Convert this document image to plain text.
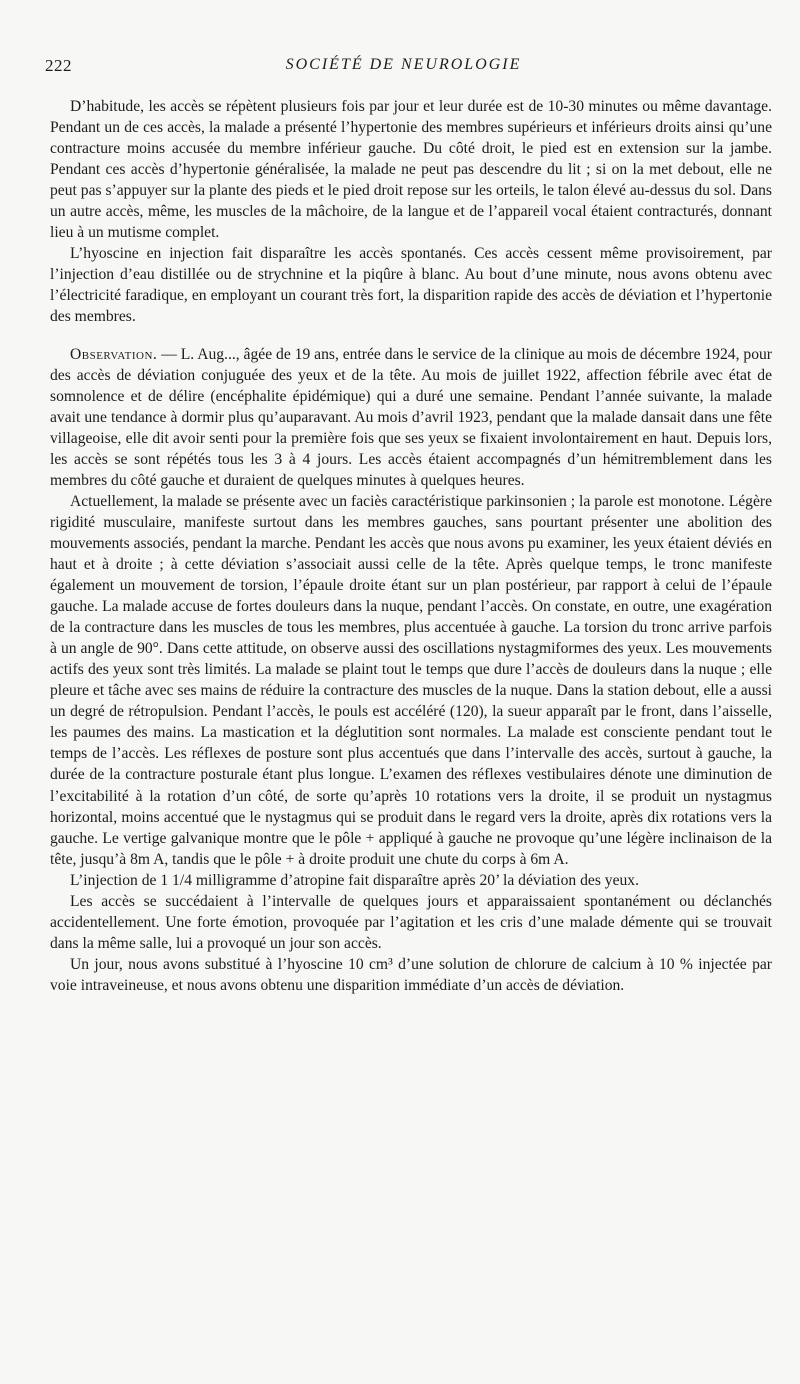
222	SOCIÉTÉ DE NEUROLOGIE

D’habitude, les accès se répètent plusieurs fois par jour et leur durée est de 10-30 minutes ou même davantage. Pendant un de ces accès, la malade a présenté l’hypertonie des membres supérieurs et inférieurs droits ainsi qu’une contracture moins accusée du membre inférieur gauche. Du côté droit, le pied est en extension sur la jambe. Pendant ces accès d’hypertonie généralisée, la malade ne peut pas descendre du lit ; si on la met debout, elle ne peut pas s’appuyer sur la plante des pieds et le pied droit repose sur les orteils, le talon élevé au-dessus du sol. Dans un autre accès, même, les muscles de la mâchoire, de la langue et de l’appareil vocal étaient contracturés, donnant lieu à un mutisme complet.

L’hyoscine en injection fait disparaître les accès spontanés. Ces accès cessent même provisoirement, par l’injection d’eau distillée ou de strychnine et la piqûre à blanc. Au bout d’une minute, nous avons obtenu avec l’électricité faradique, en employant un courant très fort, la disparition rapide des accès de déviation et l’hypertonie des membres.

Observation. — L. Aug..., âgée de 19 ans, entrée dans le service de la clinique au mois de décembre 1924, pour des accès de déviation conjuguée des yeux et de la tête. Au mois de juillet 1922, affection fébrile avec état de somnolence et de délire (encéphalite épidémique) qui a duré une semaine. Pendant l’année suivante, la malade avait une tendance à dormir plus qu’auparavant. Au mois d’avril 1923, pendant que la malade dansait dans une fête villageoise, elle dit avoir senti pour la première fois que ses yeux se fixaient involontairement en haut. Depuis lors, les accès se sont répétés tous les 3 à 4 jours. Les accès étaient accompagnés d’un hémitremblement dans les membres du côté gauche et duraient de quelques minutes à quelques heures.

Actuellement, la malade se présente avec un faciès caractéristique parkinsonien ; la parole est monotone. Légère rigidité musculaire, manifeste surtout dans les membres gauches, sans pourtant présenter une abolition des mouvements associés, pendant la marche. Pendant les accès que nous avons pu examiner, les yeux étaient déviés en haut et à droite ; à cette déviation s’associait aussi celle de la tête. Après quelque temps, le tronc manifeste également un mouvement de torsion, l’épaule droite étant sur un plan postérieur, par rapport à celui de l’épaule gauche. La malade accuse de fortes douleurs dans la nuque, pendant l’accès. On constate, en outre, une exagération de la contracture dans les muscles de tous les membres, plus accentuée à gauche. La torsion du tronc arrive parfois à un angle de 90°. Dans cette attitude, on observe aussi des oscillations nystagmiformes des yeux. Les mouvements actifs des yeux sont très limités. La malade se plaint tout le temps que dure l’accès de douleurs dans la nuque ; elle pleure et tâche avec ses mains de réduire la contracture des muscles de la nuque. Dans la station debout, elle a aussi un degré de rétropulsion. Pendant l’accès, le pouls est accéléré (120), la sueur apparaît par le front, dans l’aisselle, les paumes des mains. La mastication et la déglutition sont normales. La malade est consciente pendant tout le temps de l’accès. Les réflexes de posture sont plus accentués que dans l’intervalle des accès, surtout à gauche, la durée de la contracture posturale étant plus longue. L’examen des réflexes vestibulaires dénote une diminution de l’excitabilité à la rotation d’un côté, de sorte qu’après 10 rotations vers la droite, il se produit un nystagmus horizontal, moins accentué que le nystagmus qui se produit dans le regard vers la droite, après dix rotations vers la gauche. Le vertige galvanique montre que le pôle + appliqué à gauche ne provoque qu’une légère inclinaison de la tête, jusqu’à 8m A, tandis que le pôle + à droite produit une chute du corps à 6m A.

L’injection de 1 1/4 milligramme d’atropine fait disparaître après 20’ la déviation des yeux.

Les accès se succédaient à l’intervalle de quelques jours et apparaissaient spontanément ou déclanchés accidentellement. Une forte émotion, provoquée par l’agitation et les cris d’une malade démente qui se trouvait dans la même salle, lui a provoqué un jour son accès.

Un jour, nous avons substitué à l’hyoscine 10 cm³ d’une solution de chlorure de calcium à 10 % injectée par voie intraveineuse, et nous avons obtenu une disparition immédiate d’un accès de déviation.
